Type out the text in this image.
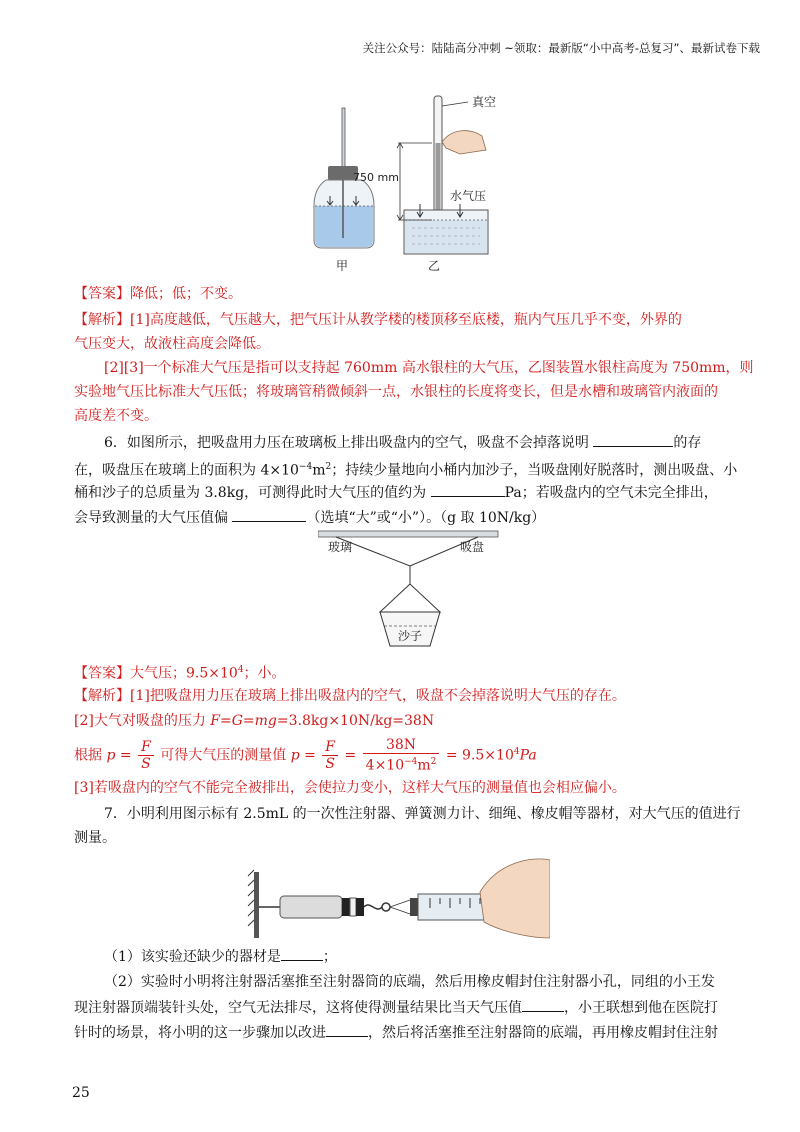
关注公众号：陆陆高分冲刺 ~领取：最新版“小中高考-总复习”、最新试卷下载
甲
真空
750 mm
水气压
乙
【答案】降低；低；不变。
【解析】[1]高度越低，气压越大，把气压计从教学楼的楼顶移至底楼，瓶内气压几乎不变，外界的
气压变大，故液柱高度会降低。
[2][3]一个标准大气压是指可以支持起 760mm 高水银柱的大气压，乙图装置水银柱高度为 750mm，则
实验地气压比标准大气压低；将玻璃管稍微倾斜一点，水银柱的长度将变长，但是水槽和玻璃管内液面的
高度差不变。
6．如图所示，把吸盘用力压在玻璃板上排出吸盘内的空气，吸盘不会掉落说明	的存
在，吸盘压在玻璃上的面积为 $4\times 10^{-4}m^2$；持续少量地向小桶内加沙子，当吸盘刚好脱落时，测出吸盘、小
桶和沙子的总质量为 3.8kg，可测得此时大气压的值约为	Pa；若吸盘内的空气未完全排出，
会导致测量的大气压值偏	（选填“大”或“小”）。（g 取 10N/kg）
玻璃	吸盘
沙子
【答案】大气压；$9.5\times 10^4$；小。
【解析】[1]把吸盘用力压在玻璃上排出吸盘内的空气，吸盘不会掉落说明大气压的存在。
[2]大气对吸盘的压力 F=G=mg=3.8kg×10N/kg=38N
根据 $p = \frac{F}{S}$ 可得大气压的测量值 $p = \frac{F}{S} = \frac{38N}{4\times 10^{-4}m^2} = 9.5\times 10^4Pa$
[3]若吸盘内的空气不能完全被排出，会使拉力变小，这样大气压的测量值也会相应偏小。
7．小明利用图示标有 2.5mL 的一次性注射器、弹簧测力计、细绳、橡皮帽等器材，对大气压的值进行
测量。
（1）该实验还缺少的器材是	；
（2）实验时小明将注射器活塞推至注射器筒的底端，然后用橡皮帽封住注射器小孔，同组的小王发
现注射器顶端装针头处，空气无法排尽，这将使得测量结果比当天气压值	，小王联想到他在医院打
针时的场景，将小明的这一步骤加以改进	，然后将活塞推至注射器筒的底端，再用橡皮帽封住注射
25
